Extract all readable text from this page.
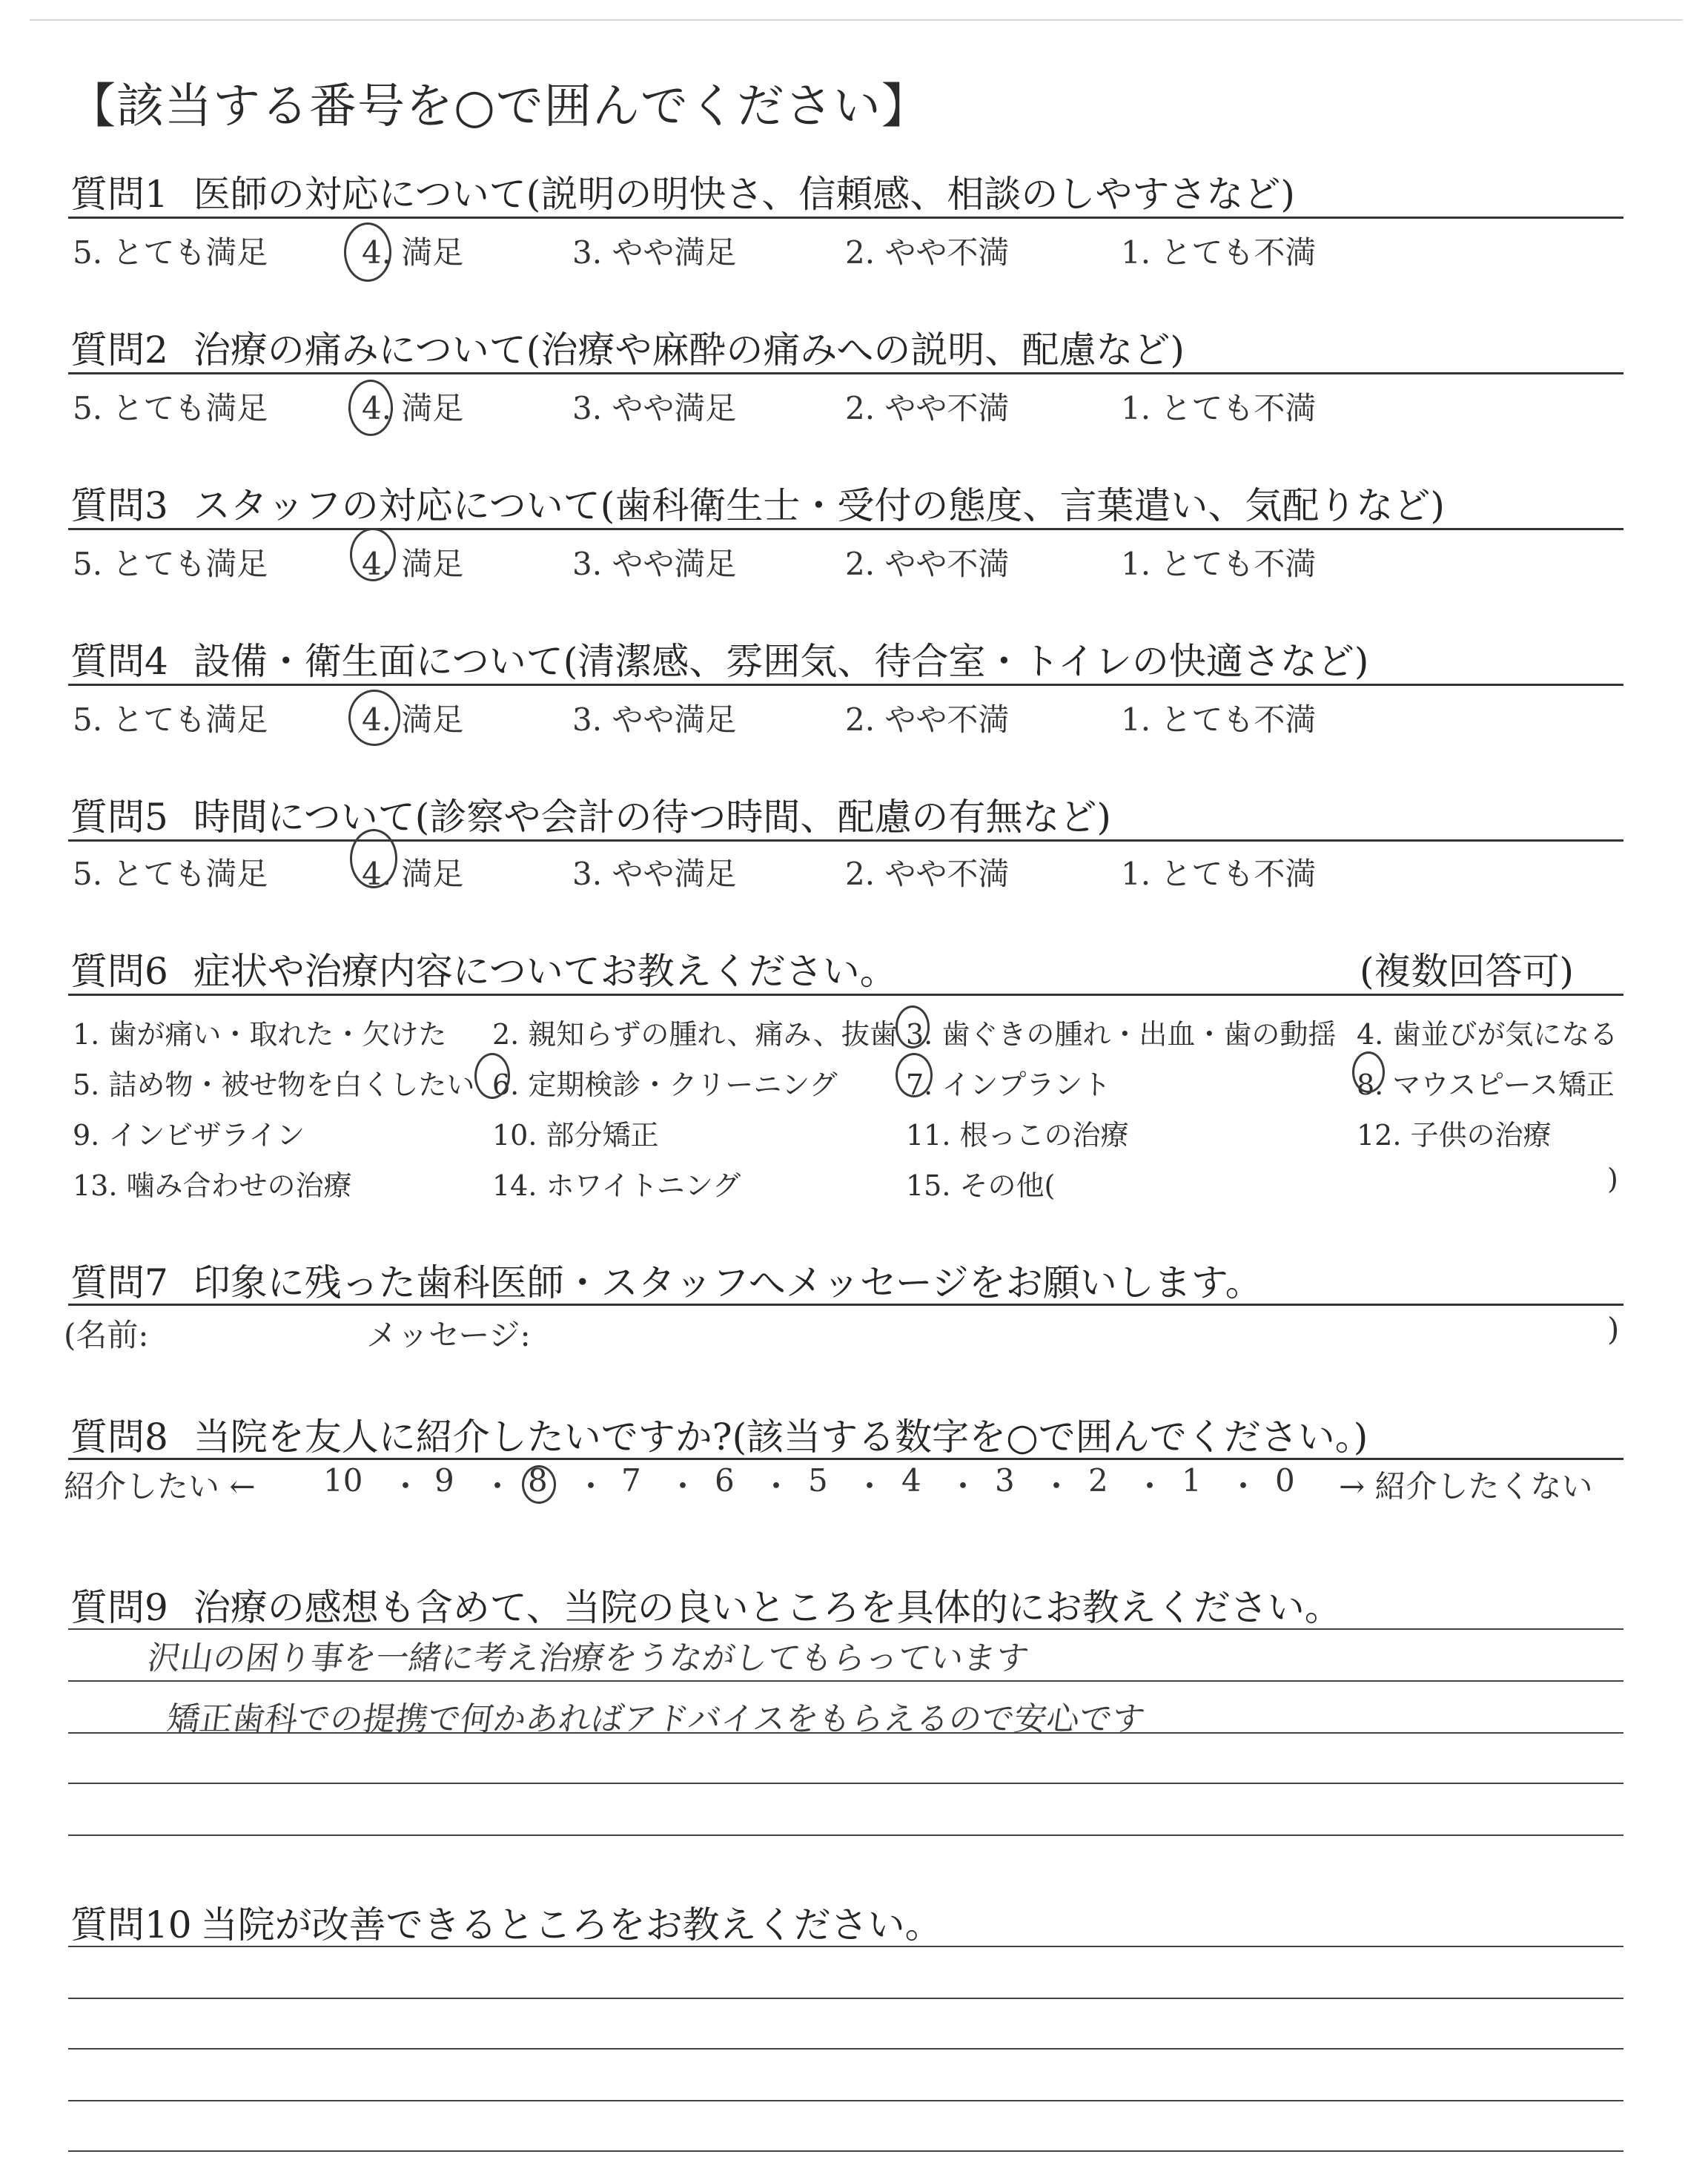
【該当する番号を○で囲んでください】
質問1 医師の対応について(説明の明快さ、信頼感、相談のしやすさなど)
5. とても満足	4. 満足	3. やや満足	2. やや不満	1. とても不満
質問2 治療の痛みについて(治療や麻酔の痛みへの説明、配慮など)
5. とても満足	4. 満足	3. やや満足	2. やや不満	1. とても不満
質問3 スタッフの対応について(歯科衛生士・受付の態度、言葉遣い、気配りなど)
5. とても満足	4. 満足	3. やや満足	2. やや不満	1. とても不満
質問4 設備・衛生面について(清潔感、雰囲気、待合室・トイレの快適さなど)
5. とても満足	4. 満足	3. やや満足	2. やや不満	1. とても不満
質問5 時間について(診察や会計の待つ時間、配慮の有無など)
5. とても満足	4. 満足	3. やや満足	2. やや不満	1. とても不満
質問6 症状や治療内容についてお教えください。	(複数回答可)
1. 歯が痛い・取れた・欠けた 2. 親知らずの腫れ、痛み、抜歯 3. 歯ぐきの腫れ・出血・歯の動揺 4. 歯並びが気になる
5. 詰め物・被せ物を白くしたい 6. 定期検診・クリーニング 7. インプラント	8. マウスピース矯正
9. インビザライン	10. 部分矯正	11. 根っこの治療	12. 子供の治療
13. 噛み合わせの治療	14. ホワイトニング	15. その他(	)
質問7 印象に残った歯科医師・スタッフへメッセージをお願いします。
(名前:	メッセージ:	)
質問8 当院を友人に紹介したいですか?(該当する数字を○で囲んでください。)
紹介したい ← 10 ・ 9 ・ 8 ・ 7 ・ 6 ・ 5 ・ 4 ・ 3 ・ 2 ・ 1 ・ 0 → 紹介したくない
質問9 治療の感想も含めて、当院の良いところを具体的にお教えください。
沢山の困り事を一緒に考え治療をうながしてもらっています
矯正歯科での提携で何かあればアドバイスをもらえるので安心です
質問10 当院が改善できるところをお教えください。
